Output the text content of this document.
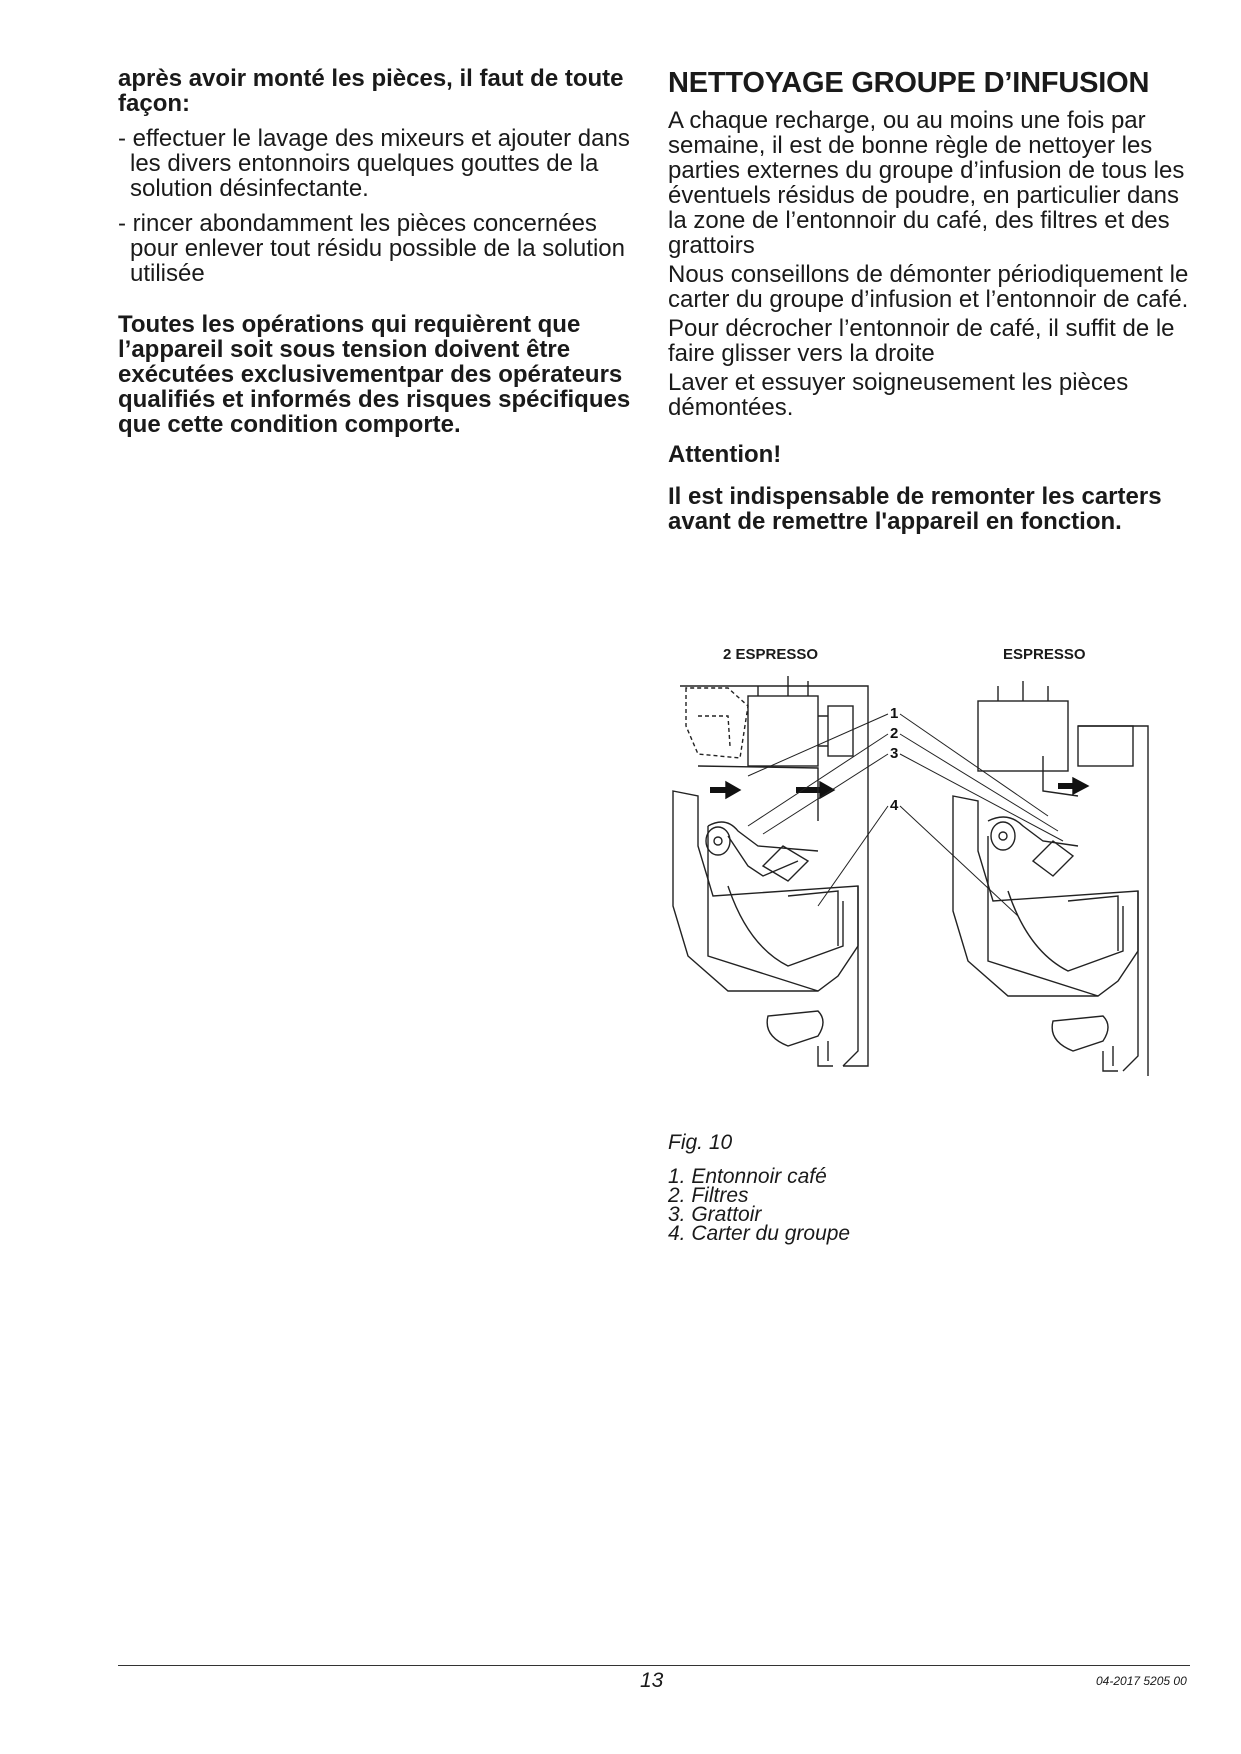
après avoir monté les pièces, il faut de toute façon:

- effectuer le lavage des mixeurs et ajouter dans les divers entonnoirs quelques gouttes de la solution désinfectante.

- rincer abondamment les pièces concernées pour enlever tout résidu possible de la solution utilisée

Toutes les opérations qui requièrent que l’appareil soit sous tension doivent être exécutées exclusivementpar des opérateurs qualifiés et informés des risques spécifiques que cette condition comporte.

NETTOYAGE GROUPE D’INFUSION

A chaque recharge, ou au moins une fois par semaine, il est de bonne règle de nettoyer les parties externes du groupe d’infusion de tous les éventuels résidus de poudre, en particulier dans la zone de l’entonnoir du café, des filtres et des grattoirs

Nous conseillons de démonter périodiquement le carter du groupe d’infusion et l’entonnoir de café.

Pour décrocher l’entonnoir de café, il suffit de le faire glisser vers la droite

Laver et essuyer soigneusement les pièces démontées.

Attention!

Il est indispensable de remonter les carters avant de remettre l'appareil en fonction.

2 ESPRESSO	ESPRESSO
1
2
3
4
Fig. 10
1. Entonnoir café
2. Filtres
3. Grattoir
4. Carter du groupe
13	04-2017 5205 00
